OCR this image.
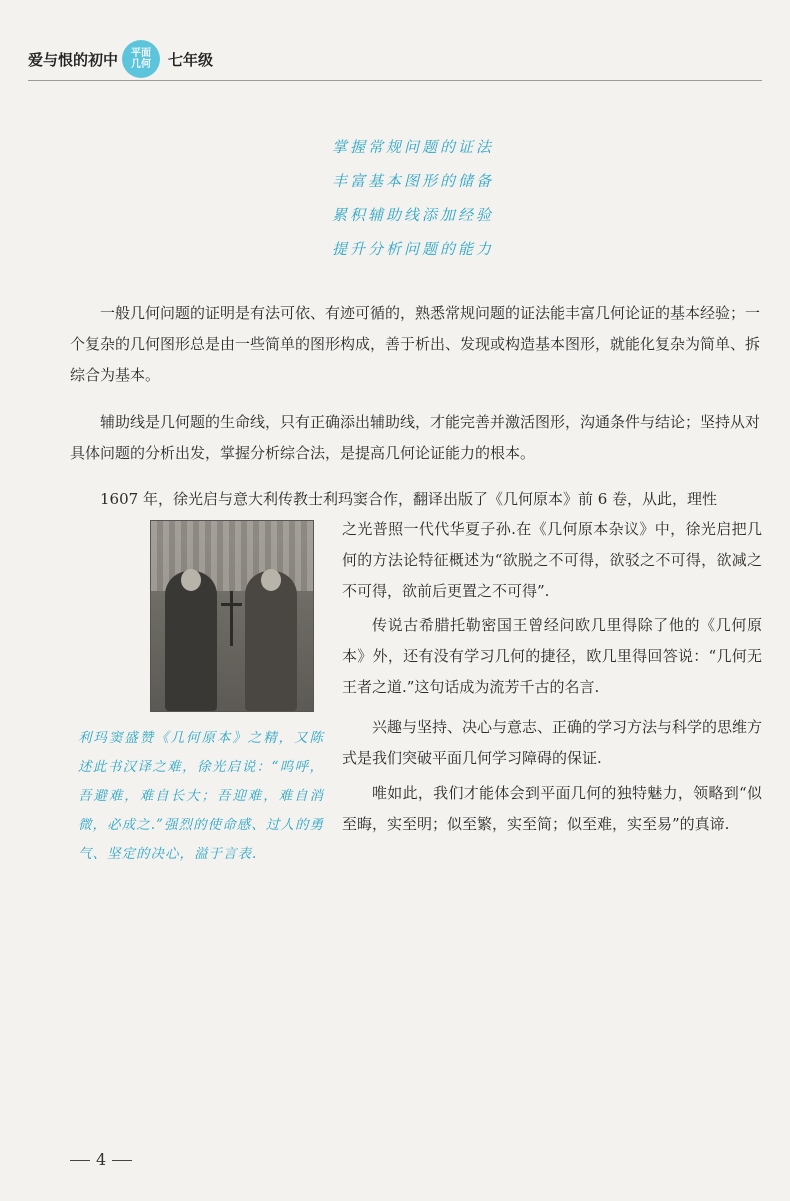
爱与恨的初中 平面
几何 七年级
掌握常规问题的证法
丰富基本图形的储备
累积辅助线添加经验
提升分析问题的能力
一般几何问题的证明是有法可依、有迹可循的，熟悉常规问题的证法能丰富几何论证的基本经验；一个复杂的几何图形总是由一些简单的图形构成，善于析出、发现或构造基本图形，就能化复杂为简单、拆综合为基本。
辅助线是几何题的生命线，只有正确添出辅助线，才能完善并激活图形，沟通条件与结论；坚持从对具体问题的分析出发，掌握分析综合法，是提高几何论证能力的根本。
1607 年，徐光启与意大利传教士利玛窦合作，翻译出版了《几何原本》前 6 卷，从此，理性
之光普照一代代华夏子孙.在《几何原本杂议》中，徐光启把几何的方法论特征概述为“欲脱之不可得，欲驳之不可得，欲减之不可得，欲前后更置之不可得”.
传说古希腊托勒密国王曾经问欧几里得除了他的《几何原本》外，还有没有学习几何的捷径，欧几里得回答说：“几何无王者之道.”这句话成为流芳千古的名言.
兴趣与坚持、决心与意志、正确的学习方法与科学的思维方式是我们突破平面几何学习障碍的保证.
唯如此，我们才能体会到平面几何的独特魅力，领略到“似至晦，实至明；似至繁，实至简；似至难，实至易”的真谛.
利玛窦盛赞《几何原本》之精，又陈述此书汉译之难，徐光启说：“呜呼，吾避难，难自长大；吾迎难，难自消微，必成之.”强烈的使命感、过人的勇气、坚定的决心，溢于言表.
4
